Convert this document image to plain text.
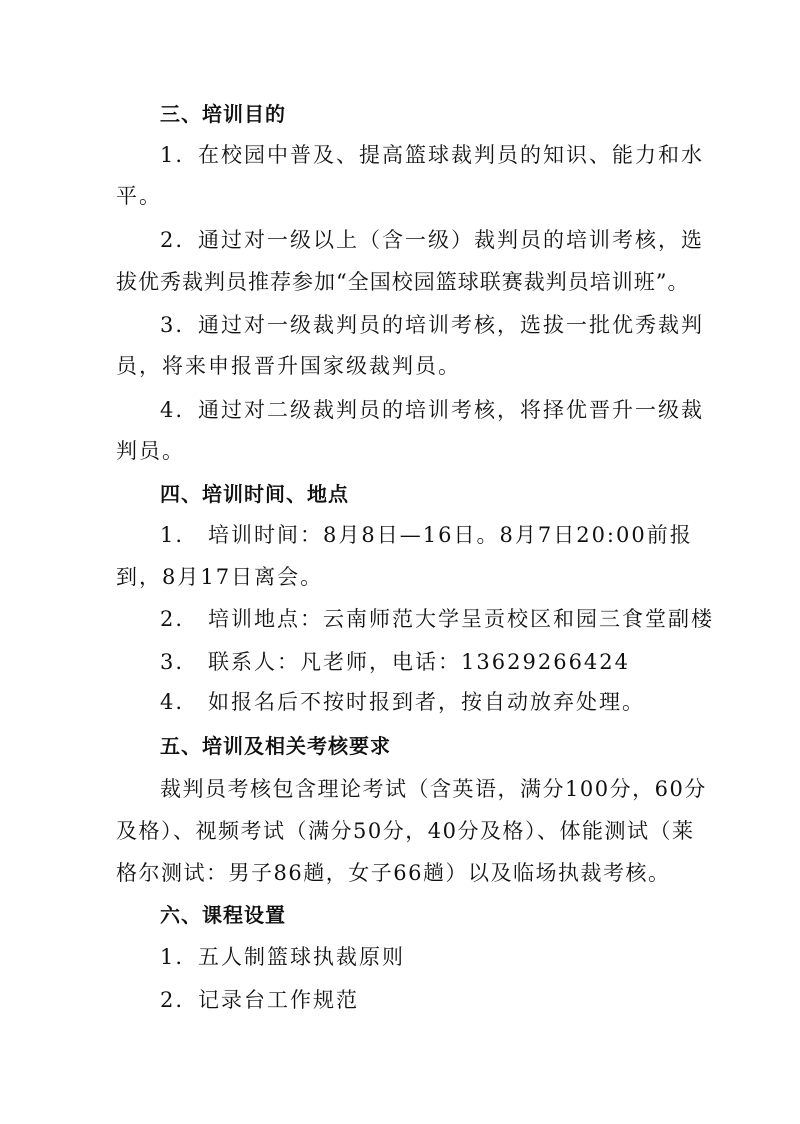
三、培训目的
1. 在校园中普及、提高篮球裁判员的知识、能力和水
平。
2. 通过对一级以上（含一级）裁判员的培训考核，选
拔优秀裁判员推荐参加“全国校园篮球联赛裁判员培训班”。
3. 通过对一级裁判员的培训考核，选拔一批优秀裁判
员，将来申报晋升国家级裁判员。
4. 通过对二级裁判员的培训考核，将择优晋升一级裁
判员。
四、培训时间、地点
1. 培训时间：8月8日—16日。8月7日20:00前报
到，8月17日离会。
2. 培训地点：云南师范大学呈贡校区和园三食堂副楼
3. 联系人：凡老师，电话：13629266424
4. 如报名后不按时报到者，按自动放弃处理。
五、培训及相关考核要求
裁判员考核包含理论考试（含英语，满分100分，60分
及格）、视频考试（满分50分，40分及格）、体能测试（莱
格尔测试：男子86趟，女子66趟）以及临场执裁考核。
六、课程设置
1. 五人制篮球执裁原则
2. 记录台工作规范
